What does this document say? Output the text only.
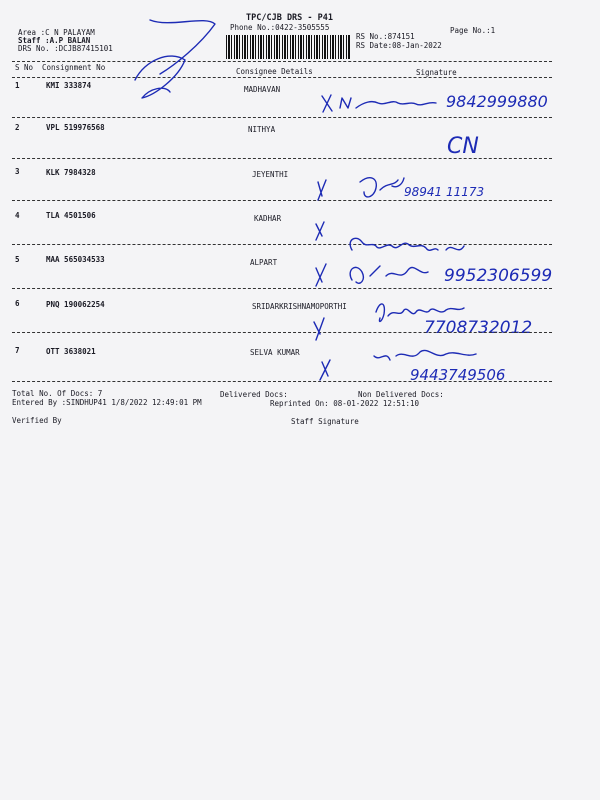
TPC/CJB DRS - P41
Phone No.:0422-3505555
Area :C N PALAYAM
Staff :A.P BALAN
DRS No. :DCJB87415101
Page No.:1
RS No.:874151
RS Date:08-Jan-2022
S No Consignment No	Consignee Details	Signature
1	KMI 333874	MADHAVAN
9842999880
2	VPL 519976568	NITHYA
CN
3	KLK 7984328	JEYENTHI
98941 11173
4	TLA 4501506	KADHAR
5	MAA 565034533	ALPART
9952306599
6	PNQ 190062254	SRIDARKRISHNAMOPORTHI
7708732012
7	OTT 3638021	SELVA KUMAR
9443749506
Total No. Of Docs: 7	Delivered Docs:	Non Delivered Docs:
Entered By :SINDHUP41 1/8/2022 12:49:01 PM	Reprinted On: 08-01-2022 12:51:10
Verified By	Staff Signature
